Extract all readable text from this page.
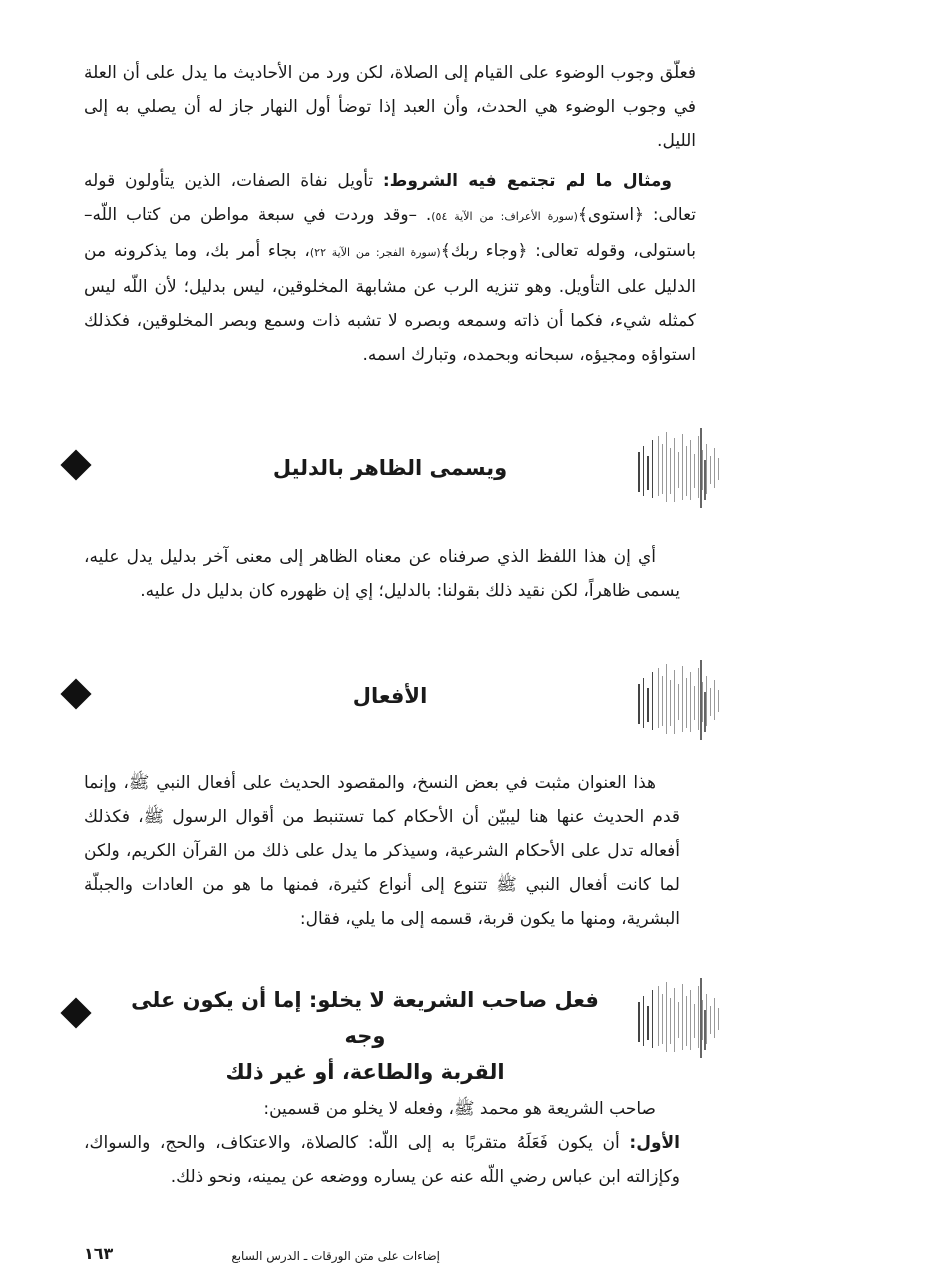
فعلّق وجوب الوضوء على القيام إلى الصلاة، لكن ورد من الأحاديث ما يدل على أن العلة في وجوب الوضوء هي الحدث، وأن العبد إذا توضأ أول النهار جاز له أن يصلي به إلى الليل.

ومثال ما لم تجتمع فيه الشروط: تأويل نفاة الصفات، الذين يتأولون قوله تعالى: ﴿استوى﴾(سورة الأعراف: من الآية ٥٤). –وقد وردت في سبعة مواطن من كتاب اللّه– باستولى، وقوله تعالى: ﴿وجاء ربك﴾(سورة الفجر: من الآية ٢٢)، بجاء أمر بك، وما يذكرونه من الدليل على التأويل. وهو تنزيه الرب عن مشابهة المخلوقين، ليس بدليل؛ لأن اللّه ليس كمثله شيء، فكما أن ذاته وسمعه وبصره لا تشبه ذات وسمع وبصر المخلوقين، فكذلك استواؤه ومجيؤه، سبحانه وبحمده، وتبارك اسمه.

ويسمى الظاهر بالدليل

أي إن هذا اللفظ الذي صرفناه عن معناه الظاهر إلى معنى آخر بدليل يدل عليه، يسمى ظاهراً، لكن نقيد ذلك بقولنا: بالدليل؛ إي إن ظهوره كان بدليل دل عليه.

الأفعال

هذا العنوان مثبت في بعض النسخ، والمقصود الحديث على أفعال النبي ﷺ، وإنما قدم الحديث عنها هنا ليبيّن أن الأحكام كما تستنبط من أقوال الرسول ﷺ، فكذلك أفعاله تدل على الأحكام الشرعية، وسيذكر ما يدل على ذلك من القرآن الكريم، ولكن لما كانت أفعال النبي ﷺ تتنوع إلى أنواع كثيرة، فمنها ما هو من العادات والجبلّة البشرية، ومنها ما يكون قربة، قسمه إلى ما يلي، فقال:

فعل صاحب الشريعة لا يخلو: إما أن يكون على وجه
القربة والطاعة، أو غير ذلك

صاحب الشريعة هو محمد ﷺ، وفعله لا يخلو من قسمين:

الأول: أن يكون فَعَلَهُ متقربًا به إلى اللّه: كالصلاة، والاعتكاف، والحج، والسواك، وكإزالته ابن عباس رضي اللّه عنه عن يساره ووضعه عن يمينه، ونحو ذلك.

إضاءات على متن الورقات ـ الدرس السابع
١٦٣
